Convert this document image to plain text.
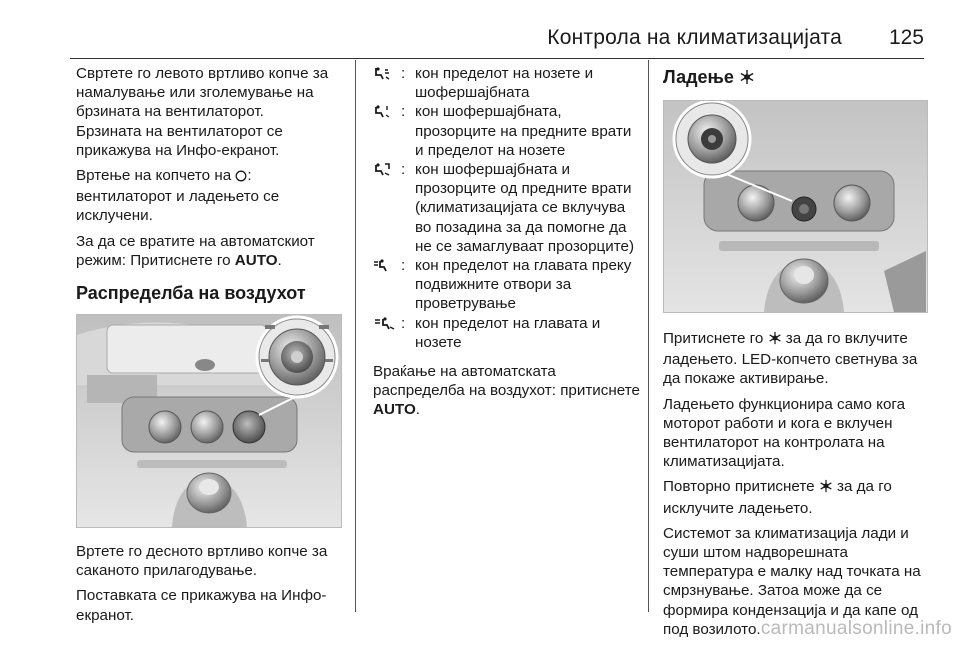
Контрола на климатизацијата 125

Свртете го левото вртливо копче за намалување или зголемување на брзината на вентилаторот.

Брзината на вентилаторот се прикажува на Инфо-екранот.

Вртење на копчето на : вентилаторот и ладењето се исклучени.

За да се вратите на автоматскиот режим: Притиснете го AUTO.

Распределба на воздухот

Вртете го десното вртливо копче за саканото прилагодување.

Поставката се прикажува на Инфо-екранот.

: кон пределот на нозете и шофершајбната
: кон шофершајбната, прозорците на предните врати и пределот на нозете
: кон шофершајбната и прозорците од предните врати (климатизацијата се вклучува во позадина за да помогне да не се замаглуваат прозорците)
: кон пределот на главата преку подвижните отвори за проветрување
: кон пределот на главата и нозете

Враќање на автоматската распределба на воздухот: притиснете AUTO.

Ладење

Притиснете го  за да го вклучите ладењето. LED-копчето светнува за да покаже активирање.

Ладењето функционира само кога моторот работи и кога е вклучен вентилаторот на контролата на климатизацијата.

Повторно притиснете  за да го исклучите ладењето.

Системот за климатизација лади и суши штом надворешната температура е малку над точката на смрзнување. Затоа може да се формира кондензација и да капе од под возилото. carmanualsonline.info
